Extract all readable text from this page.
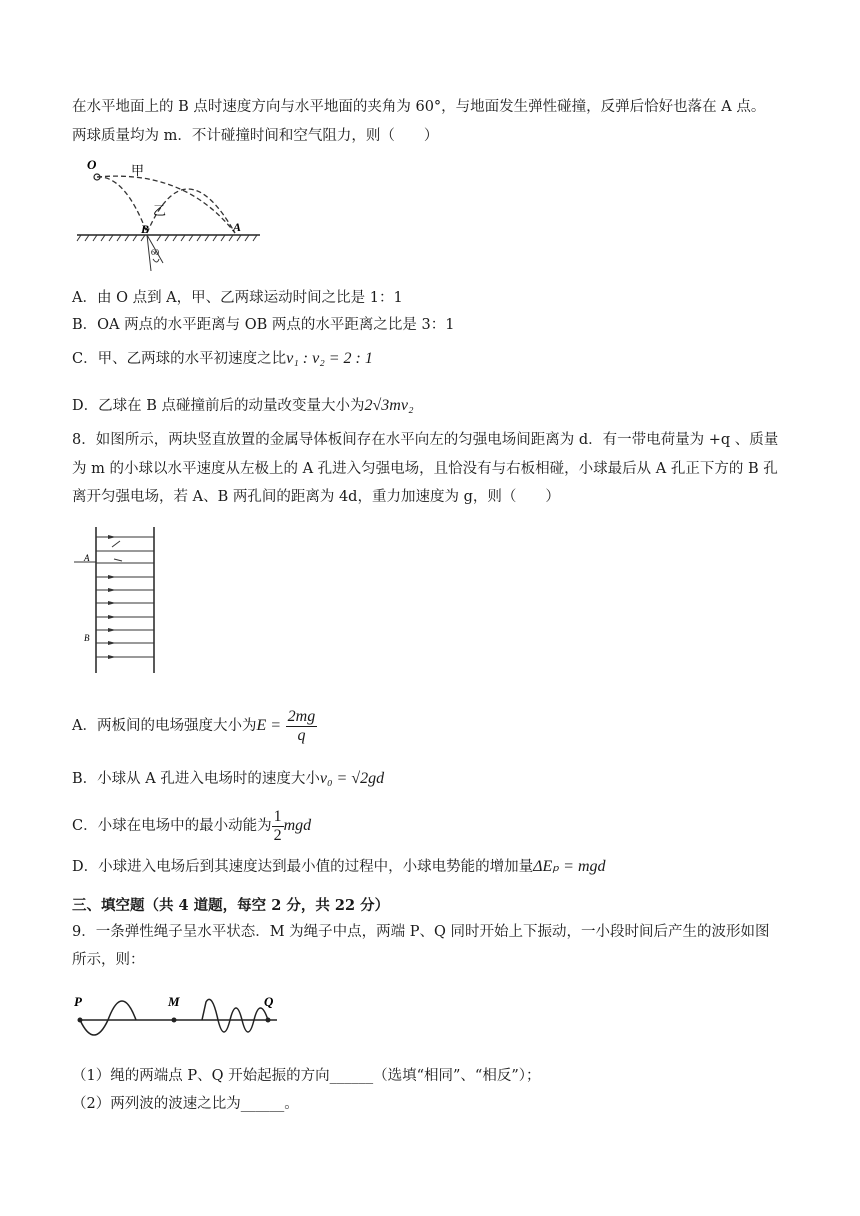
在水平地面上的 B 点时速度方向与水平地面的夹角为 60°，与地面发生弹性碰撞，反弹后恰好也落在 A 点。
两球质量均为 m．不计碰撞时间和空气阻力，则（　　）
O	甲
乙
B	A
60
A．由 O 点到 A，甲、乙两球运动时间之比是 1：1
B．OA 两点的水平距离与 OB 两点的水平距离之比是 3：1
C．甲、乙两球的水平初速度之比v₁ : v₂ = 2 : 1
D．乙球在 B 点碰撞前后的动量改变量大小为2√3mv₂
8．如图所示，两块竖直放置的金属导体板间存在水平向左的匀强电场间距离为 d．有一带电荷量为 +q 、质量
为 m 的小球以水平速度从左极上的 A 孔进入匀强电场，且恰没有与右板相碰，小球最后从 A 孔正下方的 B 孔
离开匀强电场，若 A、B 两孔间的距离为 4d，重力加速度为 g，则（　　）
A
B
A．两板间的电场强度大小为$E = \frac{2mg}{q}$
B．小球从 A 孔进入电场时的速度大小v₀ = √2gd
C．小球在电场中的最小动能为 $\frac{1}{2}$ mgd
D．小球进入电场后到其速度达到最小值的过程中，小球电势能的增加量ΔEₚ = mgd
三、填空题（共 4 道题，每空 2 分，共 22 分）
9．一条弹性绳子呈水平状态．M 为绳子中点，两端 P、Q 同时开始上下振动，一小段时间后产生的波形如图
所示，则：
P	M	Q
（1）绳的两端点 P、Q 开始起振的方向______（选填“相同”、“相反”）；
（2）两列波的波速之比为______。
